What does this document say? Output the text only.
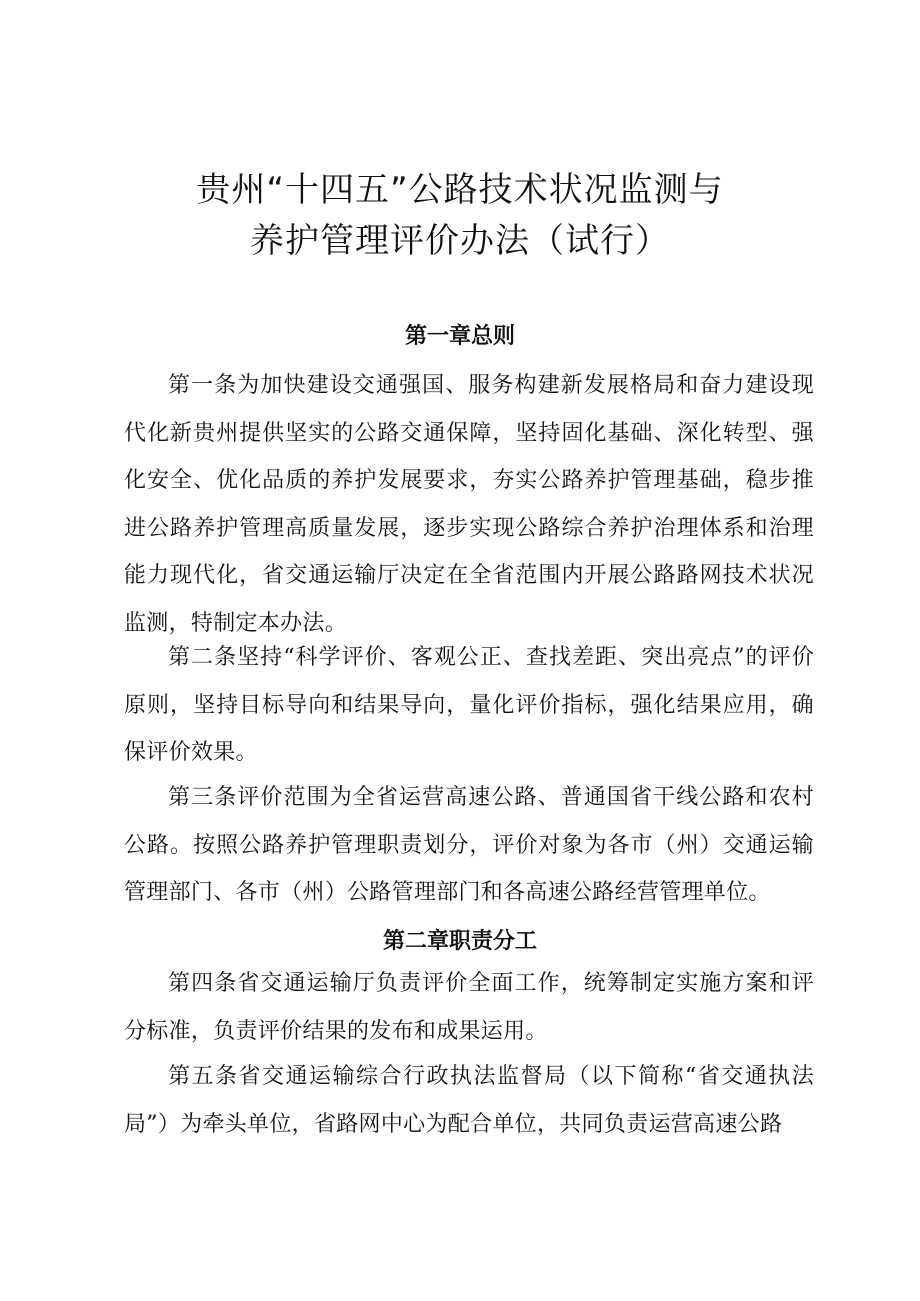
贵州“十四五”公路技术状况监测与
养护管理评价办法（试行）
第一章总则

第一条为加快建设交通强国、服务构建新发展格局和奋力建设现代化新贵州提供坚实的公路交通保障，坚持固化基础、深化转型、强化安全、优化品质的养护发展要求，夯实公路养护管理基础，稳步推进公路养护管理高质量发展，逐步实现公路综合养护治理体系和治理能力现代化，省交通运输厅决定在全省范围内开展公路路网技术状况监测，特制定本办法。

第二条坚持“科学评价、客观公正、查找差距、突出亮点”的评价原则，坚持目标导向和结果导向，量化评价指标，强化结果应用，确保评价效果。

第三条评价范围为全省运营高速公路、普通国省干线公路和农村公路。按照公路养护管理职责划分，评价对象为各市（州）交通运输管理部门、各市（州）公路管理部门和各高速公路经营管理单位。

第二章职责分工

第四条省交通运输厅负责评价全面工作，统筹制定实施方案和评分标准，负责评价结果的发布和成果运用。

第五条省交通运输综合行政执法监督局（以下简称“省交通执法局”）为牵头单位，省路网中心为配合单位，共同负责运营高速公路
